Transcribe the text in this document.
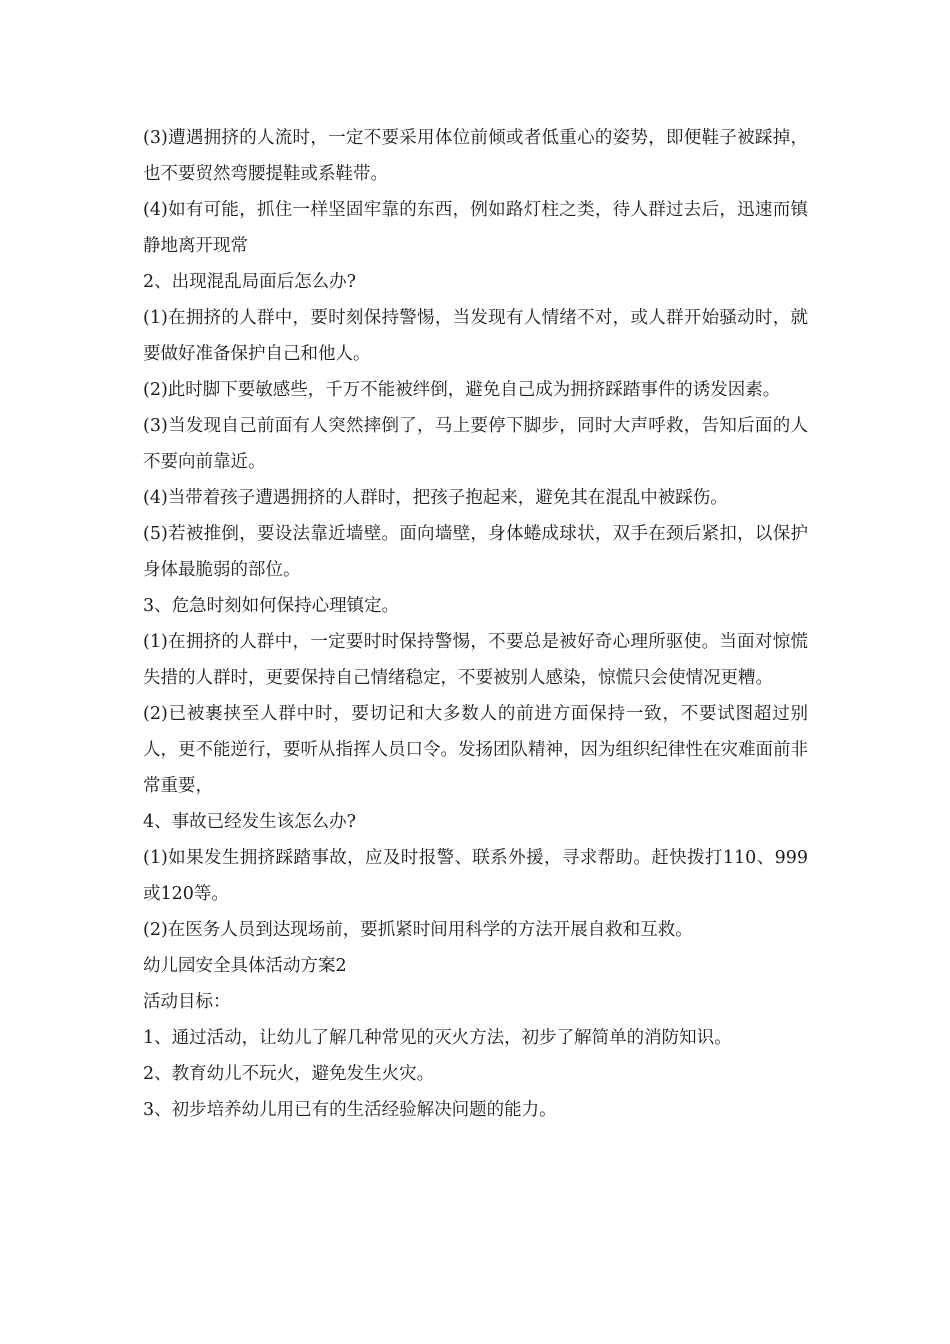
(3)遭遇拥挤的人流时，一定不要采用体位前倾或者低重心的姿势，即便鞋子被踩掉，也不要贸然弯腰提鞋或系鞋带。

(4)如有可能，抓住一样坚固牢靠的东西，例如路灯柱之类，待人群过去后，迅速而镇静地离开现常

2、出现混乱局面后怎么办?

(1)在拥挤的人群中，要时刻保持警惕，当发现有人情绪不对，或人群开始骚动时，就要做好准备保护自己和他人。

(2)此时脚下要敏感些，千万不能被绊倒，避免自己成为拥挤踩踏事件的诱发因素。

(3)当发现自己前面有人突然摔倒了，马上要停下脚步，同时大声呼救，告知后面的人不要向前靠近。

(4)当带着孩子遭遇拥挤的人群时，把孩子抱起来，避免其在混乱中被踩伤。

(5)若被推倒，要设法靠近墙壁。面向墙壁，身体蜷成球状，双手在颈后紧扣，以保护身体最脆弱的部位。

3、危急时刻如何保持心理镇定。

(1)在拥挤的人群中，一定要时时保持警惕，不要总是被好奇心理所驱使。当面对惊慌失措的人群时，更要保持自己情绪稳定，不要被别人感染，惊慌只会使情况更糟。

(2)已被裹挟至人群中时，要切记和大多数人的前进方面保持一致，不要试图超过别人，更不能逆行，要听从指挥人员口令。发扬团队精神，因为组织纪律性在灾难面前非常重要，

4、事故已经发生该怎么办?

(1)如果发生拥挤踩踏事故，应及时报警、联系外援，寻求帮助。赶快拨打110、999或120等。

(2)在医务人员到达现场前，要抓紧时间用科学的方法开展自救和互救。

幼儿园安全具体活动方案2

活动目标：

1、通过活动，让幼儿了解几种常见的灭火方法，初步了解简单的消防知识。

2、教育幼儿不玩火，避免发生火灾。

3、初步培养幼儿用已有的生活经验解决问题的能力。
